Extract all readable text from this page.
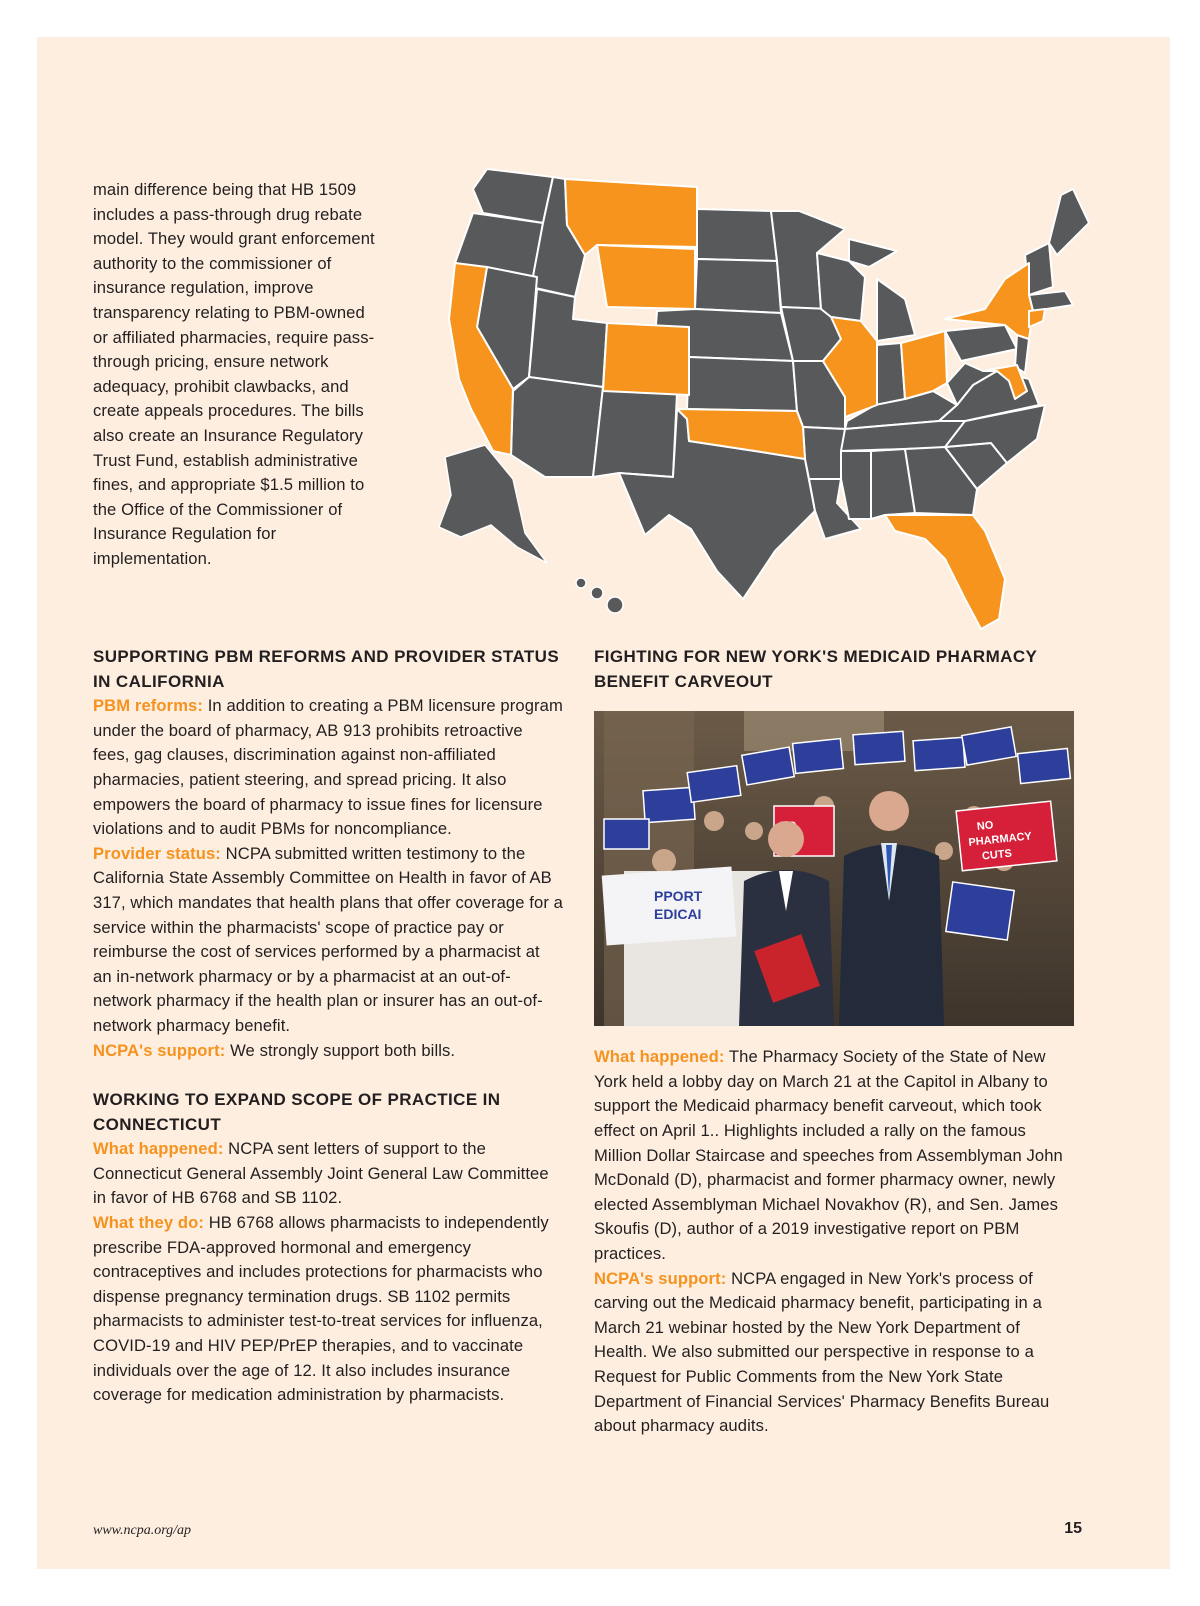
main difference being that HB 1509 includes a pass-through drug rebate model. They would grant enforcement authority to the commissioner of insurance regulation, improve transparency relating to PBM-owned or affiliated pharmacies, require pass-through pricing, ensure network adequacy, prohibit clawbacks, and create appeals procedures. The bills also create an Insurance Regulatory Trust Fund, establish administrative fines, and appropriate $1.5 million to the Office of the Commissioner of Insurance Regulation for implementation.

SUPPORTING PBM REFORMS AND PROVIDER STATUS IN CALIFORNIA

PBM reforms: In addition to creating a PBM licensure program under the board of pharmacy, AB 913 prohibits retroactive fees, gag clauses, discrimination against non-affiliated pharmacies, patient steering, and spread pricing. It also empowers the board of pharmacy to issue fines for licensure violations and to audit PBMs for noncompliance.

Provider status: NCPA submitted written testimony to the California State Assembly Committee on Health in favor of AB 317, which mandates that health plans that offer coverage for a service within the pharmacists' scope of practice pay or reimburse the cost of services performed by a pharmacist at an in-network pharmacy or by a pharmacist at an out-of-network pharmacy if the health plan or insurer has an out-of-network pharmacy benefit.

NCPA's support: We strongly support both bills.

WORKING TO EXPAND SCOPE OF PRACTICE IN CONNECTICUT

What happened: NCPA sent letters of support to the Connecticut General Assembly Joint General Law Committee in favor of HB 6768 and SB 1102.

What they do: HB 6768 allows pharmacists to independently prescribe FDA-approved hormonal and emergency contraceptives and includes protections for pharmacists who dispense pregnancy termination drugs. SB 1102 permits pharmacists to administer test-to-treat services for influenza, COVID-19 and HIV PEP/PrEP therapies, and to vaccinate individuals over the age of 12. It also includes insurance coverage for medication administration by pharmacists.

FIGHTING FOR NEW YORK'S MEDICAID PHARMACY BENEFIT CARVEOUT
PPORT
EDICAI
NO
PHARMACY
CUTS

What happened: The Pharmacy Society of the State of New York held a lobby day on March 21 at the Capitol in Albany to support the Medicaid pharmacy benefit carveout, which took effect on April 1.. Highlights included a rally on the famous Million Dollar Staircase and speeches from Assemblyman John McDonald (D), pharmacist and former pharmacy owner, newly elected Assemblyman Michael Novakhov (R), and Sen. James Skoufis (D), author of a 2019 investigative report on PBM practices.

NCPA's support: NCPA engaged in New York's process of carving out the Medicaid pharmacy benefit, participating in a March 21 webinar hosted by the New York Department of Health. We also submitted our perspective in response to a Request for Public Comments from the New York State Department of Financial Services' Pharmacy Benefits Bureau about pharmacy audits.

www.ncpa.org/ap	15
